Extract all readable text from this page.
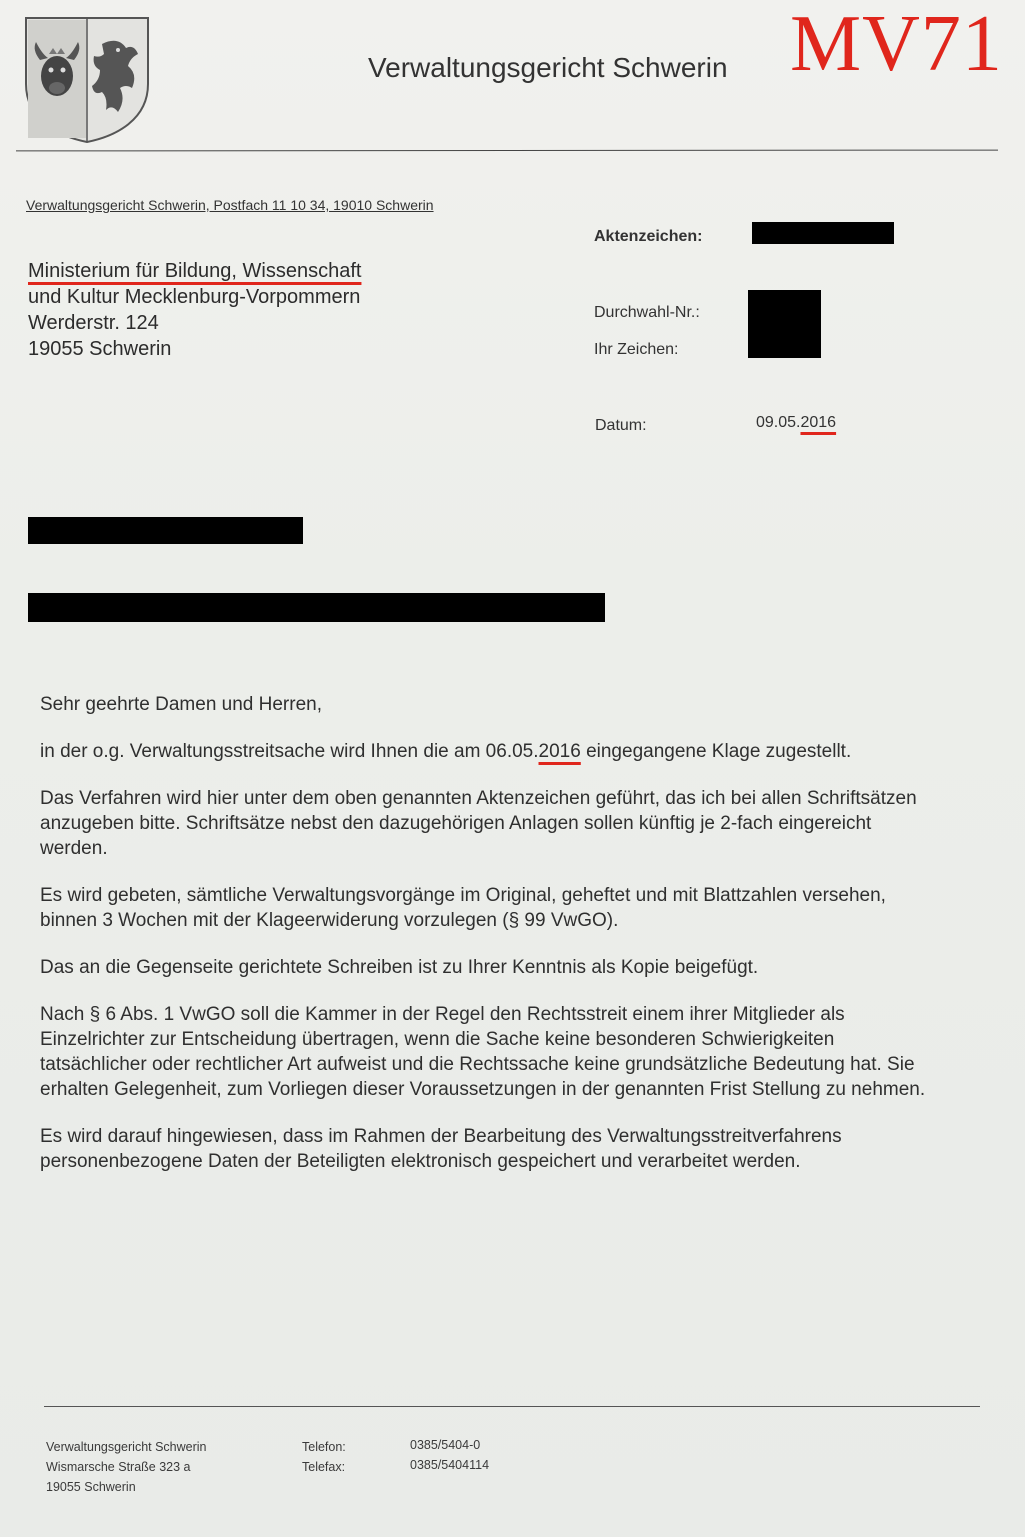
Verwaltungsgericht Schwerin MV71
Verwaltungsgericht Schwerin, Postfach 11 10 34, 19010 Schwerin
Ministerium für Bildung, Wissenschaft
und Kultur Mecklenburg-Vorpommern
Werderstr. 124
19055 Schwerin
Aktenzeichen:
Durchwahl-Nr.:
Ihr Zeichen:
Datum:	09.05.2016

Sehr geehrte Damen und Herren,

in der o.g. Verwaltungsstreitsache wird Ihnen die am 06.05.2016 eingegangene Klage zugestellt.

Das Verfahren wird hier unter dem oben genannten Aktenzeichen geführt, das ich bei allen Schriftsätzen anzugeben bitte. Schriftsätze nebst den dazugehörigen Anlagen sollen künftig je 2-fach eingereicht werden.

Es wird gebeten, sämtliche Verwaltungsvorgänge im Original, geheftet und mit Blattzahlen versehen, binnen 3 Wochen mit der Klageerwiderung vorzulegen (§ 99 VwGO).

Das an die Gegenseite gerichtete Schreiben ist zu Ihrer Kenntnis als Kopie beigefügt.

Nach § 6 Abs. 1 VwGO soll die Kammer in der Regel den Rechtsstreit einem ihrer Mitglieder als Einzelrichter zur Entscheidung übertragen, wenn die Sache keine besonderen Schwierigkeiten tatsächlicher oder rechtlicher Art aufweist und die Rechtssache keine grundsätzliche Bedeutung hat. Sie erhalten Gelegenheit, zum Vorliegen dieser Voraussetzungen in der genannten Frist Stellung zu nehmen.

Es wird darauf hingewiesen, dass im Rahmen der Bearbeitung des Verwaltungsstreitverfahrens personenbezogene Daten der Beteiligten elektronisch gespeichert und verarbeitet werden.

Verwaltungsgericht Schwerin
Wismarsche Straße 323 a
19055 Schwerin
Telefon:
Telefax:
0385/5404-0
0385/5404114
